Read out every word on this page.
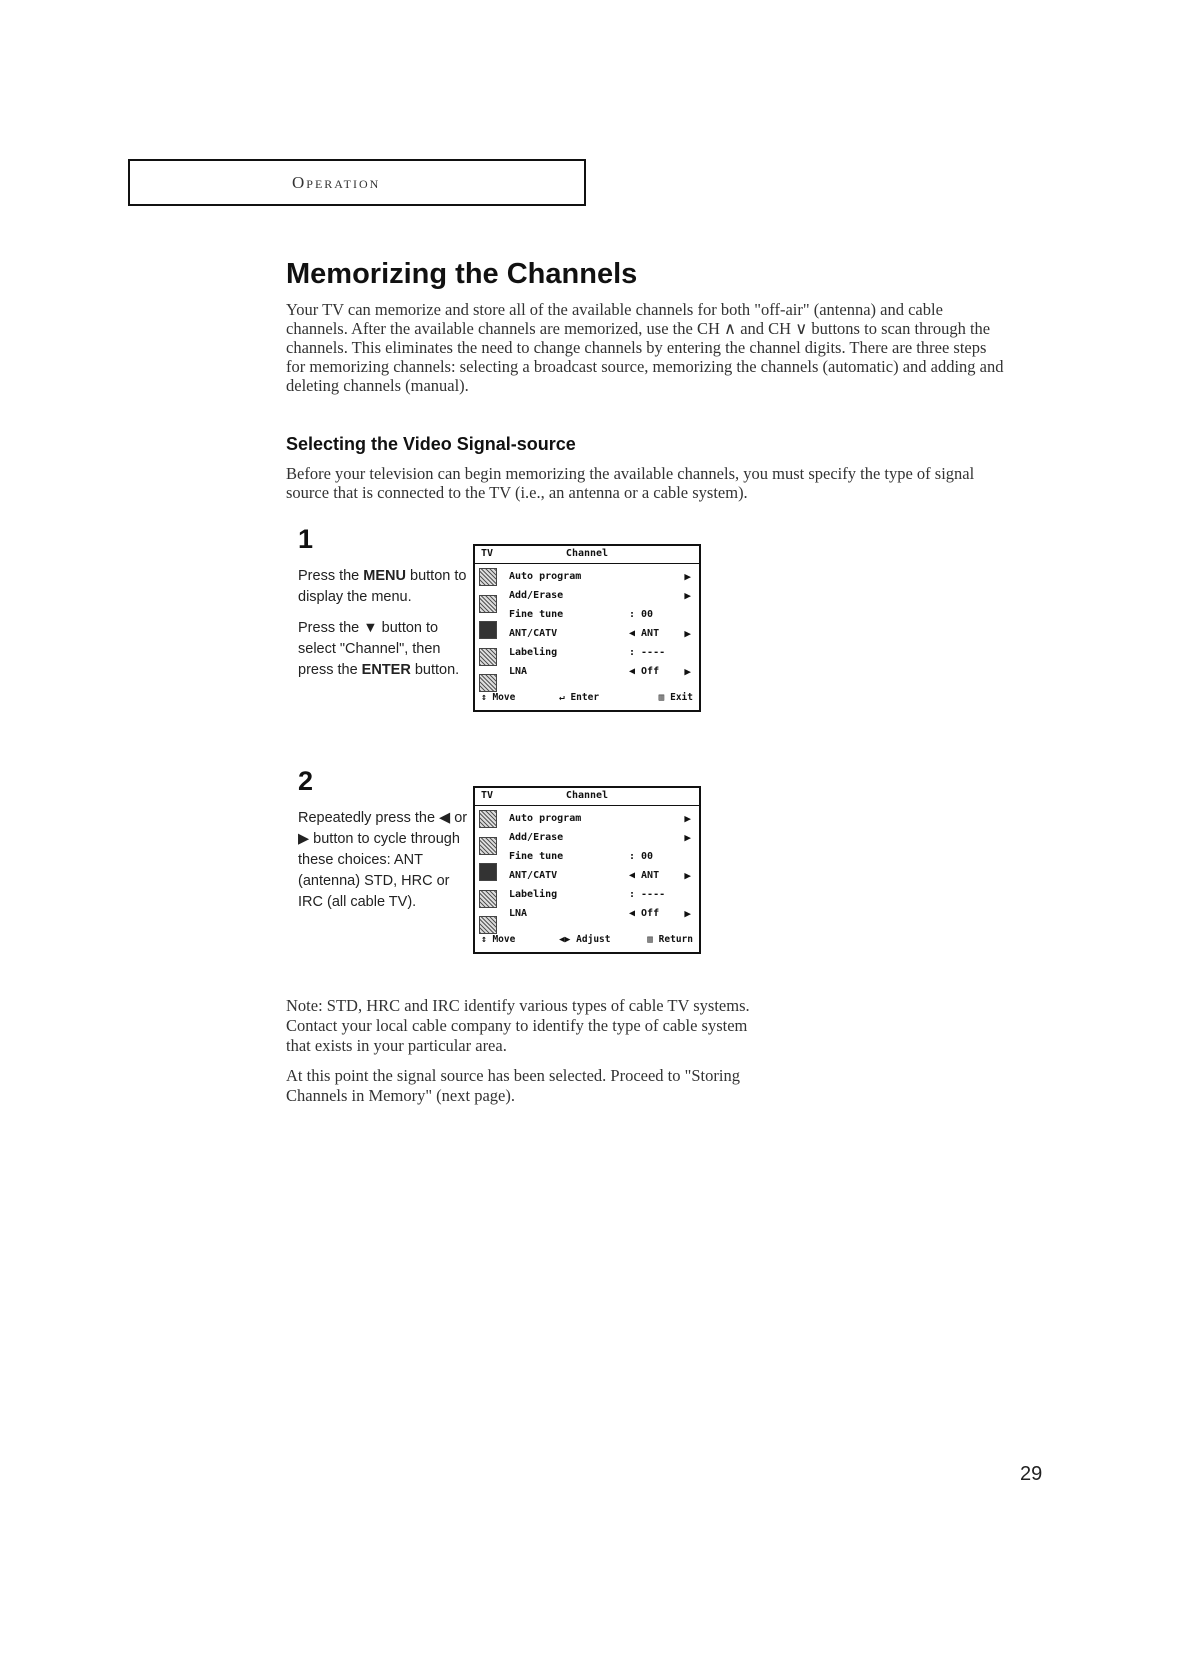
Operation
Memorizing the Channels

Your TV can memorize and store all of the available channels for both "off-air" (antenna) and cable channels. After the available channels are memorized, use the CH ∧ and CH ∨ buttons to scan through the channels. This eliminates the need to change channels by entering the channel digits. There are three steps for memorizing channels: selecting a broadcast source, memorizing the channels (automatic) and adding and deleting channels (manual).

Selecting the Video Signal-source

Before your television can begin memorizing the available channels, you must specify the type of signal source that is connected to the TV (i.e., an antenna or a cable system).

1

Press the MENU button to display the menu.

Press the ▼ button to select "Channel", then press the ENTER button.

TV	Channel
Auto program	▶
Add/Erase	▶
Fine tune	: 00
ANT/CATV	◀ ANT ▶
Labeling	: ----
LNA	◀ Off ▶
↕ Move	↵ Enter	▥ Exit
2

Repeatedly press the ◀ or ▶ button to cycle through these choices: ANT (antenna) STD, HRC or IRC (all cable TV).

TV	Channel
Auto program	▶
Add/Erase	▶
Fine tune	: 00
ANT/CATV	◀ ANT ▶
Labeling	: ----
LNA	◀ Off ▶
↕ Move	◀▶ Adjust	▥ Return

Note: STD, HRC and IRC identify various types of cable TV systems. Contact your local cable company to identify the type of cable system that exists in your particular area.

At this point the signal source has been selected. Proceed to "Storing Channels in Memory" (next page).

29
